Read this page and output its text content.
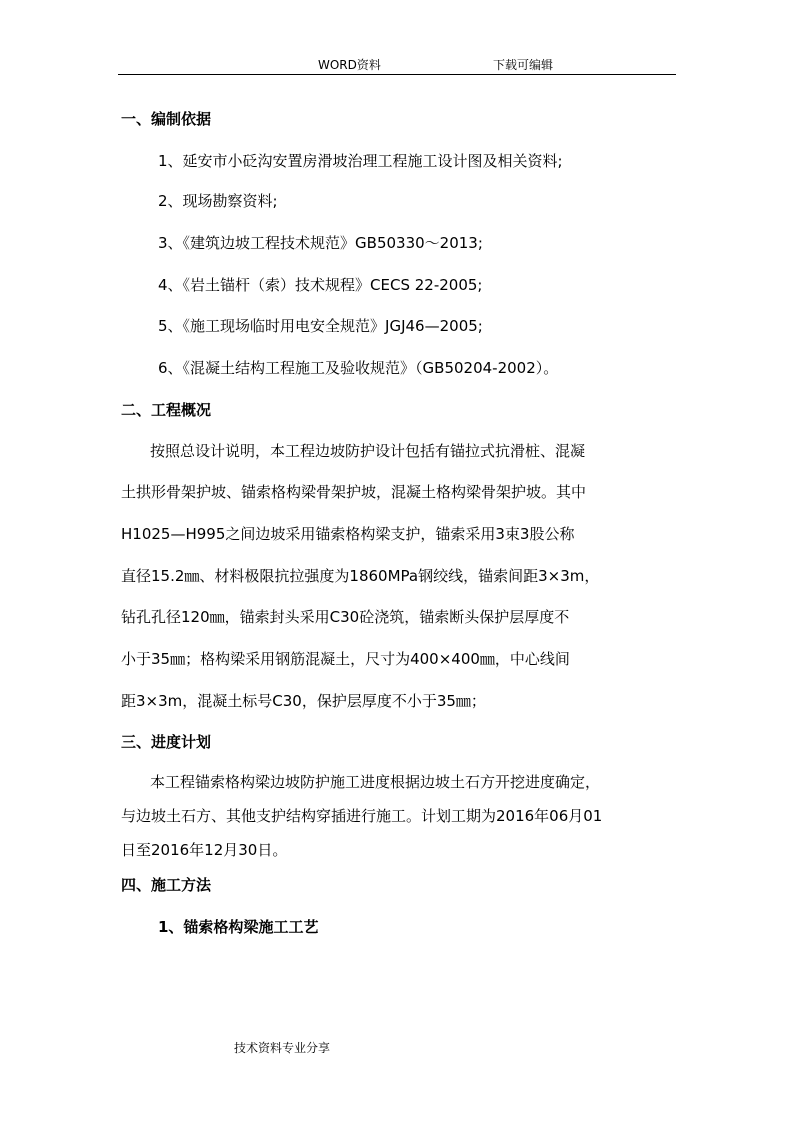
WORD资料	下载可编辑
一、编制依据
1、延安市小砭沟安置房滑坡治理工程施工设计图及相关资料;
2、现场勘察资料;
3、《建筑边坡工程技术规范》GB50330～2013;
4、《岩土锚杆（索）技术规程》CECS 22-2005;
5、《施工现场临时用电安全规范》JGJ46—2005;
6、《混凝土结构工程施工及验收规范》（GB50204-2002）。
二、工程概况
按照总设计说明，本工程边坡防护设计包括有锚拉式抗滑桩、混凝
土拱形骨架护坡、锚索格构梁骨架护坡，混凝土格构梁骨架护坡。其中
H1025—H995之间边坡采用锚索格构梁支护，锚索采用3束3股公称
直径15.2㎜、材料极限抗拉强度为1860MPa钢绞线，锚索间距3×3m，
钻孔孔径120㎜，锚索封头采用C30砼浇筑，锚索断头保护层厚度不
小于35㎜；格构梁采用钢筋混凝土，尺寸为400×400㎜，中心线间
距3×3m，混凝土标号C30，保护层厚度不小于35㎜；
三、进度计划
本工程锚索格构梁边坡防护施工进度根据边坡土石方开挖进度确定，
与边坡土石方、其他支护结构穿插进行施工。计划工期为2016年06月01
日至2016年12月30日。
四、施工方法
1、锚索格构梁施工工艺
技术资料专业分享
